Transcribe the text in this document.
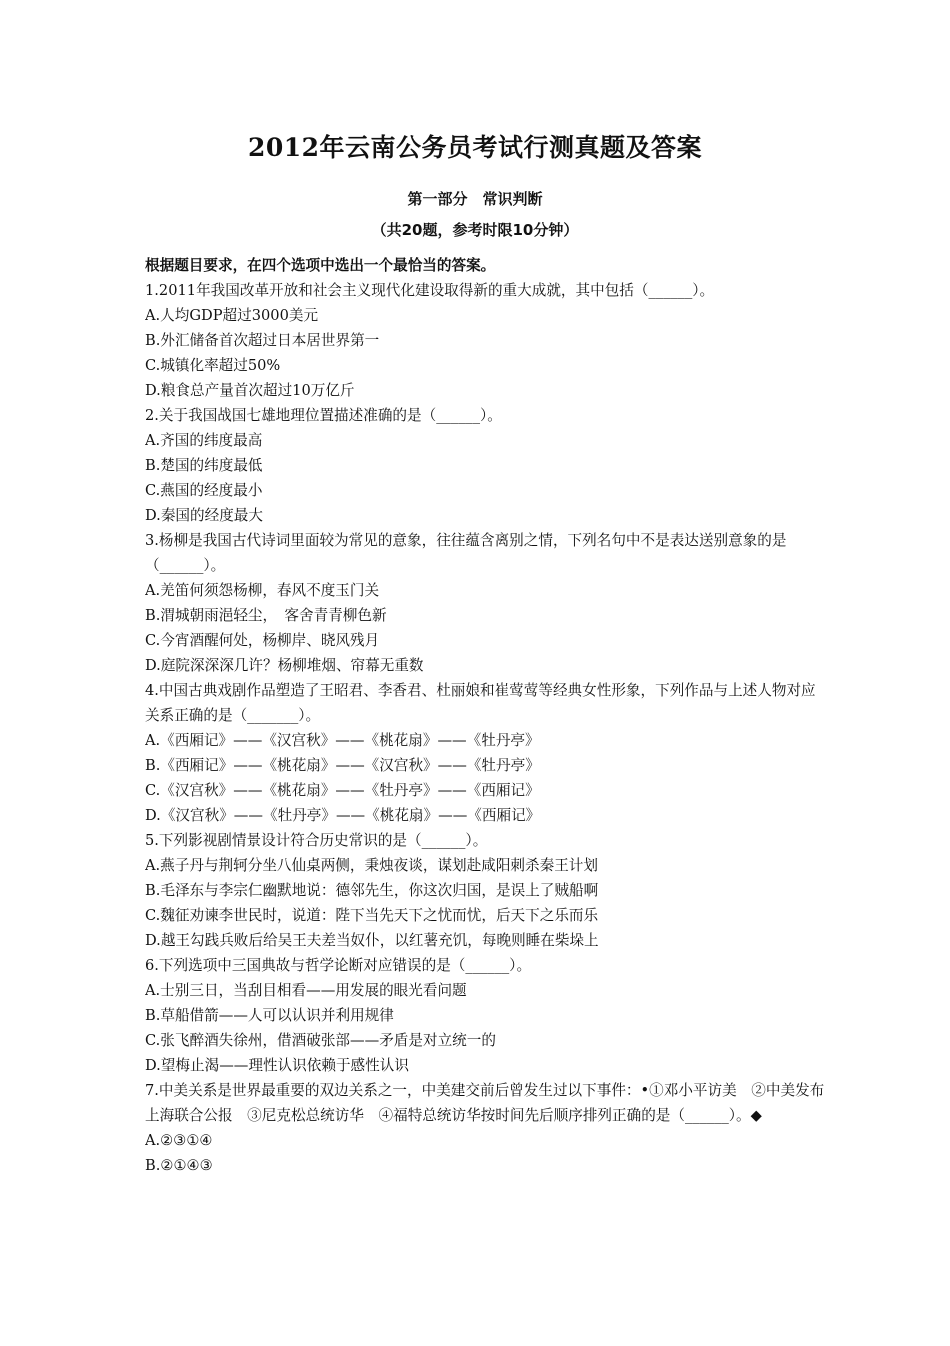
2012年云南公务员考试行测真题及答案
第一部分　常识判断
（共20题，参考时限10分钟）
根据题目要求，在四个选项中选出一个最恰当的答案。
1.2011年我国改革开放和社会主义现代化建设取得新的重大成就，其中包括（______）。
A.人均GDP超过3000美元
B.外汇储备首次超过日本居世界第一
C.城镇化率超过50%
D.粮食总产量首次超过10万亿斤
2.关于我国战国七雄地理位置描述准确的是（______）。
A.齐国的纬度最高
B.楚国的纬度最低
C.燕国的经度最小
D.秦国的经度最大
3.杨柳是我国古代诗词里面较为常见的意象，往往蕴含离别之情，下列名句中不是表达送别意象的是（______）。
A.羌笛何须怨杨柳，春风不度玉门关
B.渭城朝雨浥轻尘，　客舍青青柳色新
C.今宵酒醒何处，杨柳岸、晓风残月
D.庭院深深深几许？杨柳堆烟、帘幕无重数
4.中国古典戏剧作品塑造了王昭君、李香君、杜丽娘和崔莺莺等经典女性形象，下列作品与上述人物对应关系正确的是（_______）。
A.《西厢记》——《汉宫秋》——《桃花扇》——《牡丹亭》
B.《西厢记》——《桃花扇》——《汉宫秋》——《牡丹亭》
C.《汉宫秋》——《桃花扇》——《牡丹亭》——《西厢记》
D.《汉宫秋》——《牡丹亭》——《桃花扇》——《西厢记》
5.下列影视剧情景设计符合历史常识的是（______）。
A.燕子丹与荆轲分坐八仙桌两侧，秉烛夜谈，谋划赴咸阳刺杀秦王计划
B.毛泽东与李宗仁幽默地说：德邻先生，你这次归国，是误上了贼船啊
C.魏征劝谏李世民时，说道：陛下当先天下之忧而忧，后天下之乐而乐
D.越王勾践兵败后给吴王夫差当奴仆，以红薯充饥，每晚则睡在柴垛上
6.下列选项中三国典故与哲学论断对应错误的是（______）。
A.士别三日，当刮目相看——用发展的眼光看问题
B.草船借箭——人可以认识并利用规律
C.张飞醉酒失徐州，借酒破张部——矛盾是对立统一的
D.望梅止渴——理性认识依赖于感性认识
7.中美关系是世界最重要的双边关系之一，中美建交前后曾发生过以下事件：•①邓小平访美　②中美发布上海联合公报　③尼克松总统访华　④福特总统访华按时间先后顺序排列正确的是（______）。◆
A.②③①④
B.②①④③
